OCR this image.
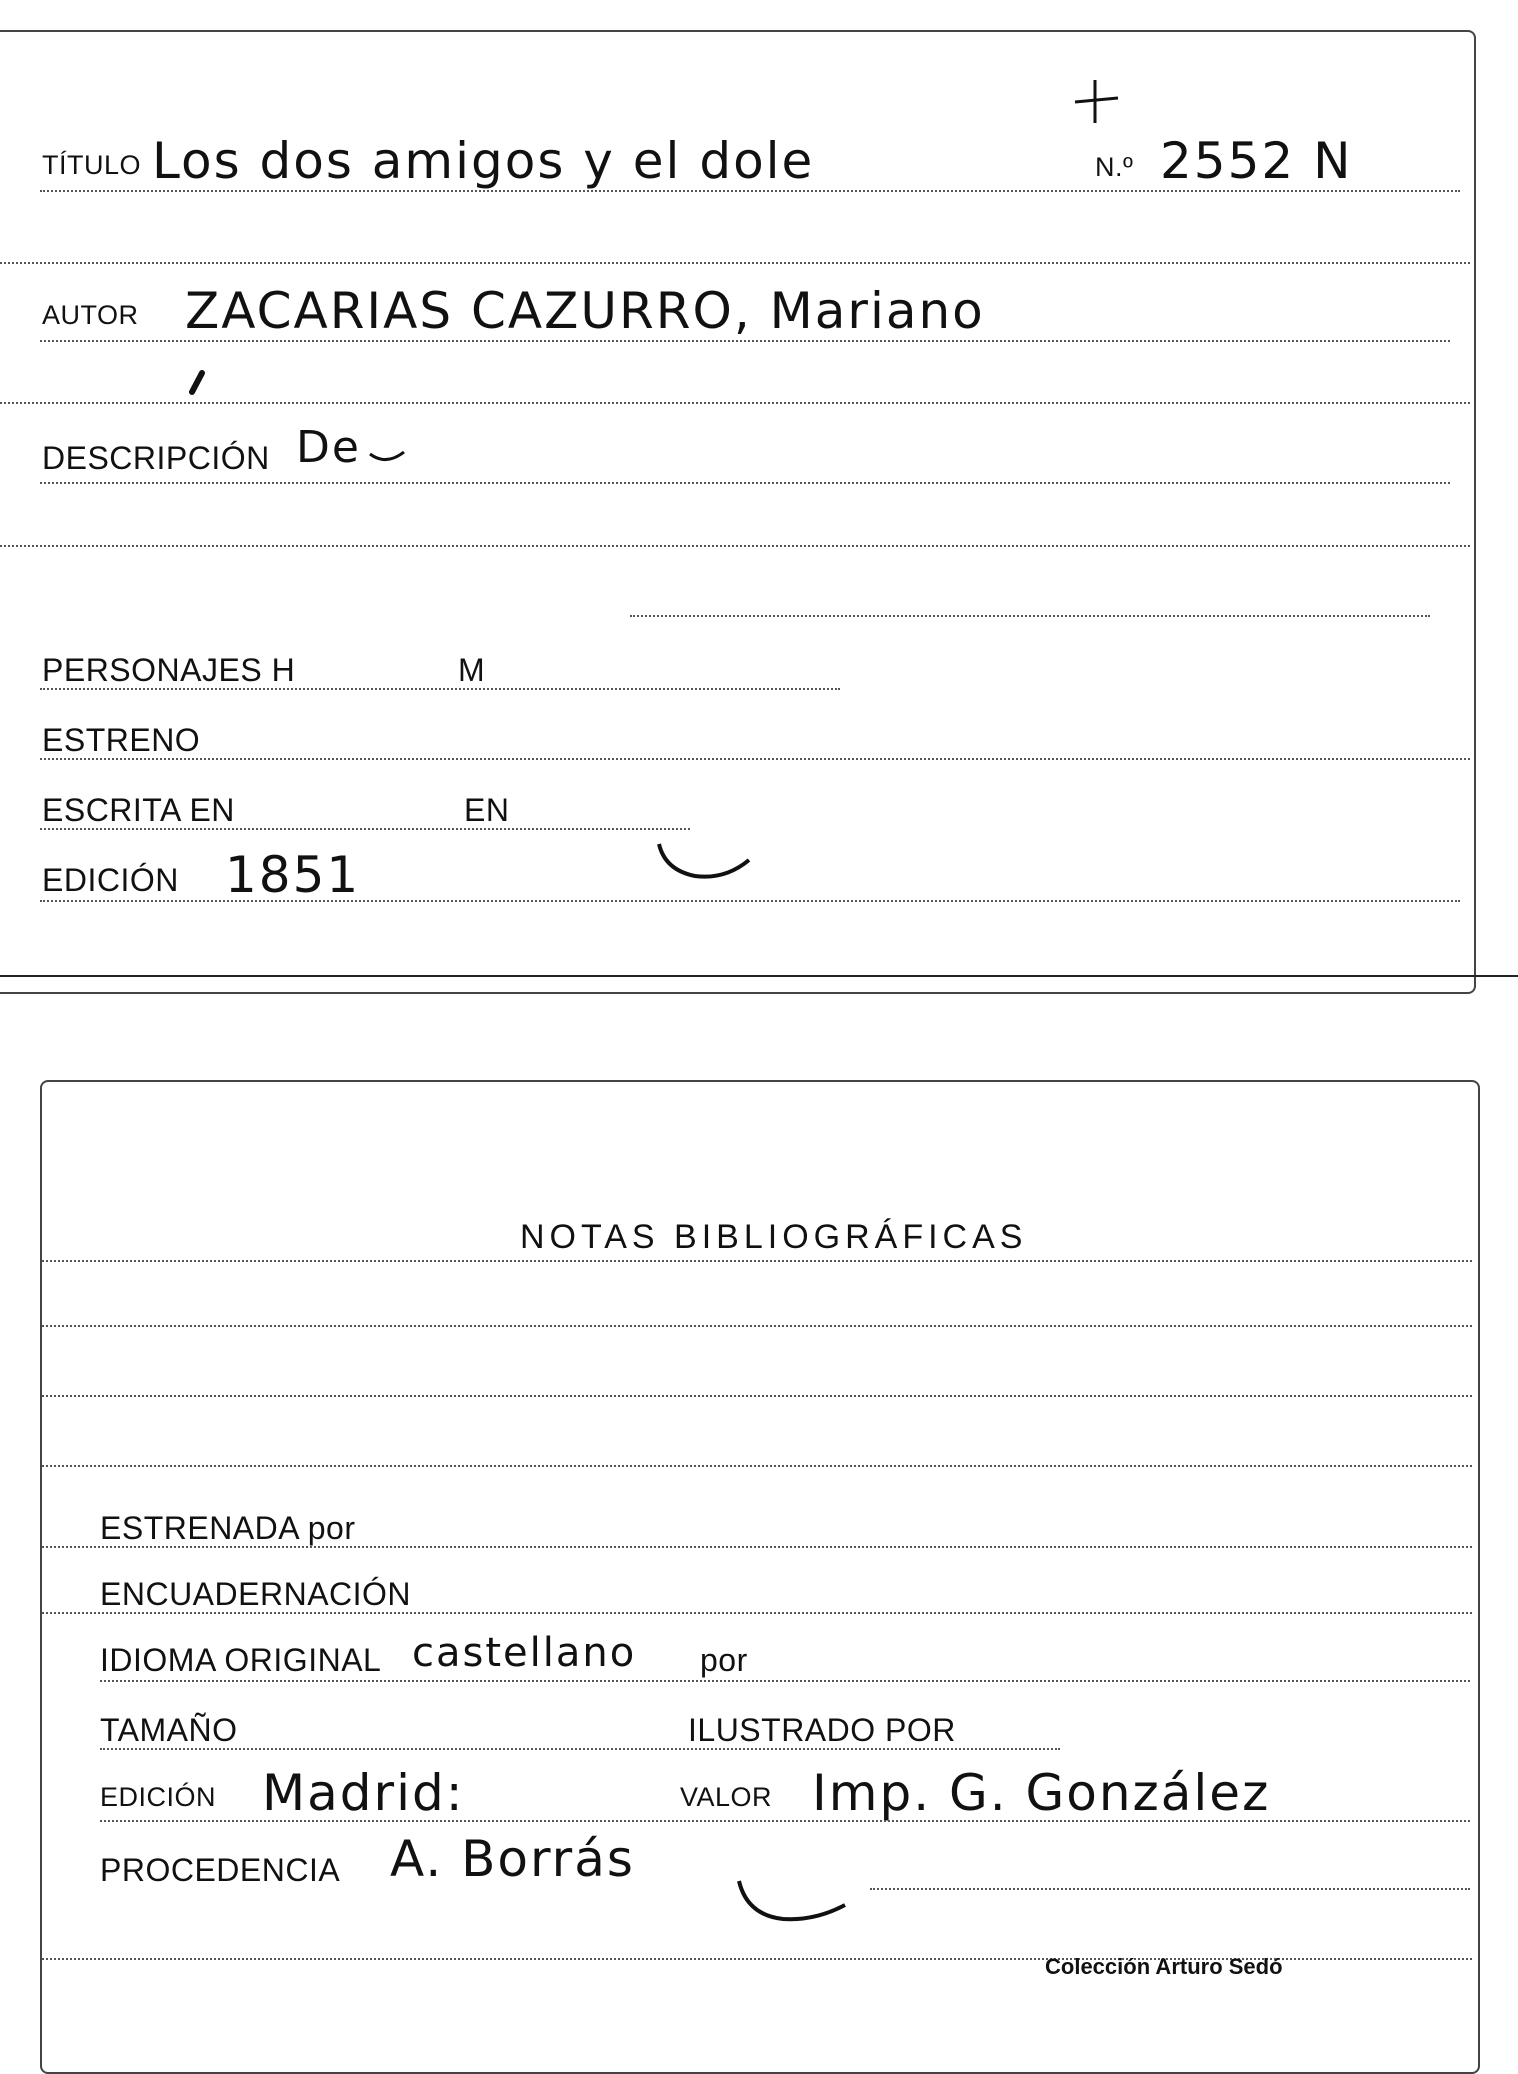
TÍTULO Los dos amigos y el dole	N.º 2552 N
AUTOR ZACARIAS CAZURRO, Mariano
DESCRIPCIÓN De
PERSONAJES H	M
ESTRENO
ESCRITA EN	EN
EDICIÓN 1851
NOTAS BIBLIOGRÁFICAS
ESTRENADA por
ENCUADERNACIÓN
IDIOMA ORIGINAL castellano por
TAMAÑO	ILUSTRADO POR
EDICIÓN Madrid:	VALOR Imp. G. González
PROCEDENCIA A. Borrás
Colección Arturo Sedó
